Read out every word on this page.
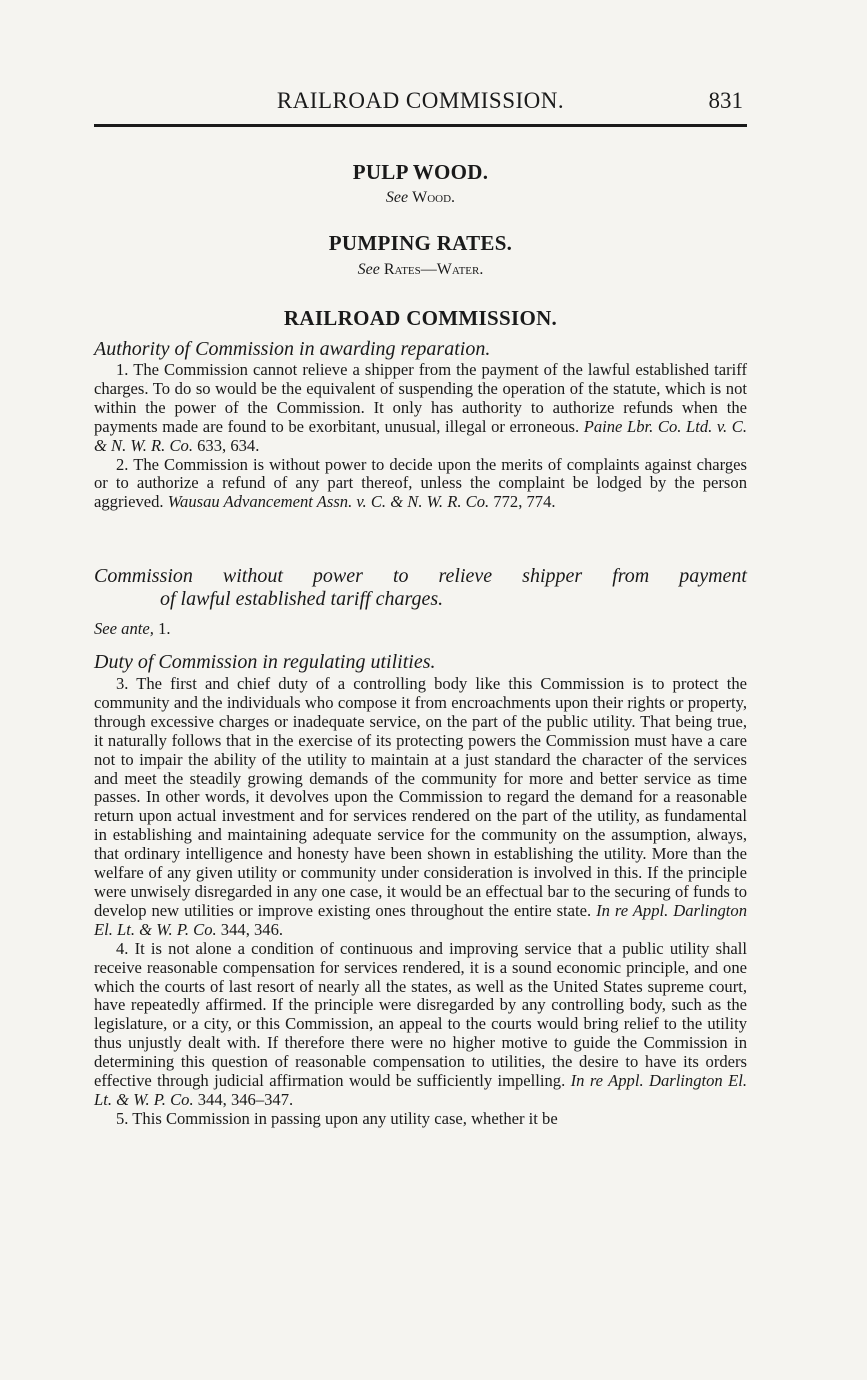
RAILROAD COMMISSION.	831
PULP WOOD.
See Wood.
PUMPING RATES.
See Rates—Water.
RAILROAD COMMISSION.
Authority of Commission in awarding reparation.

1. The Commission cannot relieve a shipper from the payment of the lawful established tariff charges. To do so would be the equivalent of suspending the operation of the statute, which is not within the power of the Commission. It only has authority to authorize refunds when the payments made are found to be exorbitant, unusual, illegal or erroneous. Paine Lbr. Co. Ltd. v. C. & N. W. R. Co. 633, 634.

2. The Commission is without power to decide upon the merits of complaints against charges or to authorize a refund of any part thereof, unless the complaint be lodged by the person aggrieved. Wausau Advancement Assn. v. C. & N. W. R. Co. 772, 774.

Commission without power to relieve shipper from payment
of lawful established tariff charges.
See ante, 1.
Duty of Commission in regulating utilities.

3. The first and chief duty of a controlling body like this Commission is to protect the community and the individuals who compose it from encroachments upon their rights or property, through excessive charges or inadequate service, on the part of the public utility. That being true, it naturally follows that in the exercise of its protecting powers the Commission must have a care not to impair the ability of the utility to maintain at a just standard the character of the services and meet the steadily growing demands of the community for more and better service as time passes. In other words, it devolves upon the Commission to regard the demand for a reasonable return upon actual investment and for services rendered on the part of the utility, as fundamental in establishing and maintaining adequate service for the community on the assumption, always, that ordinary intelligence and honesty have been shown in establishing the utility. More than the welfare of any given utility or community under consideration is involved in this. If the principle were unwisely disregarded in any one case, it would be an effectual bar to the securing of funds to develop new utilities or improve existing ones throughout the entire state. In re Appl. Darlington El. Lt. & W. P. Co. 344, 346.

4. It is not alone a condition of continuous and improving service that a public utility shall receive reasonable compensation for services rendered, it is a sound economic principle, and one which the courts of last resort of nearly all the states, as well as the United States supreme court, have repeatedly affirmed. If the principle were disregarded by any controlling body, such as the legislature, or a city, or this Commission, an appeal to the courts would bring relief to the utility thus unjustly dealt with. If therefore there were no higher motive to guide the Commission in determining this question of reasonable compensation to utilities, the desire to have its orders effective through judicial affirmation would be sufficiently impelling. In re Appl. Darlington El. Lt. & W. P. Co. 344, 346–347.

5. This Commission in passing upon any utility case, whether it be
